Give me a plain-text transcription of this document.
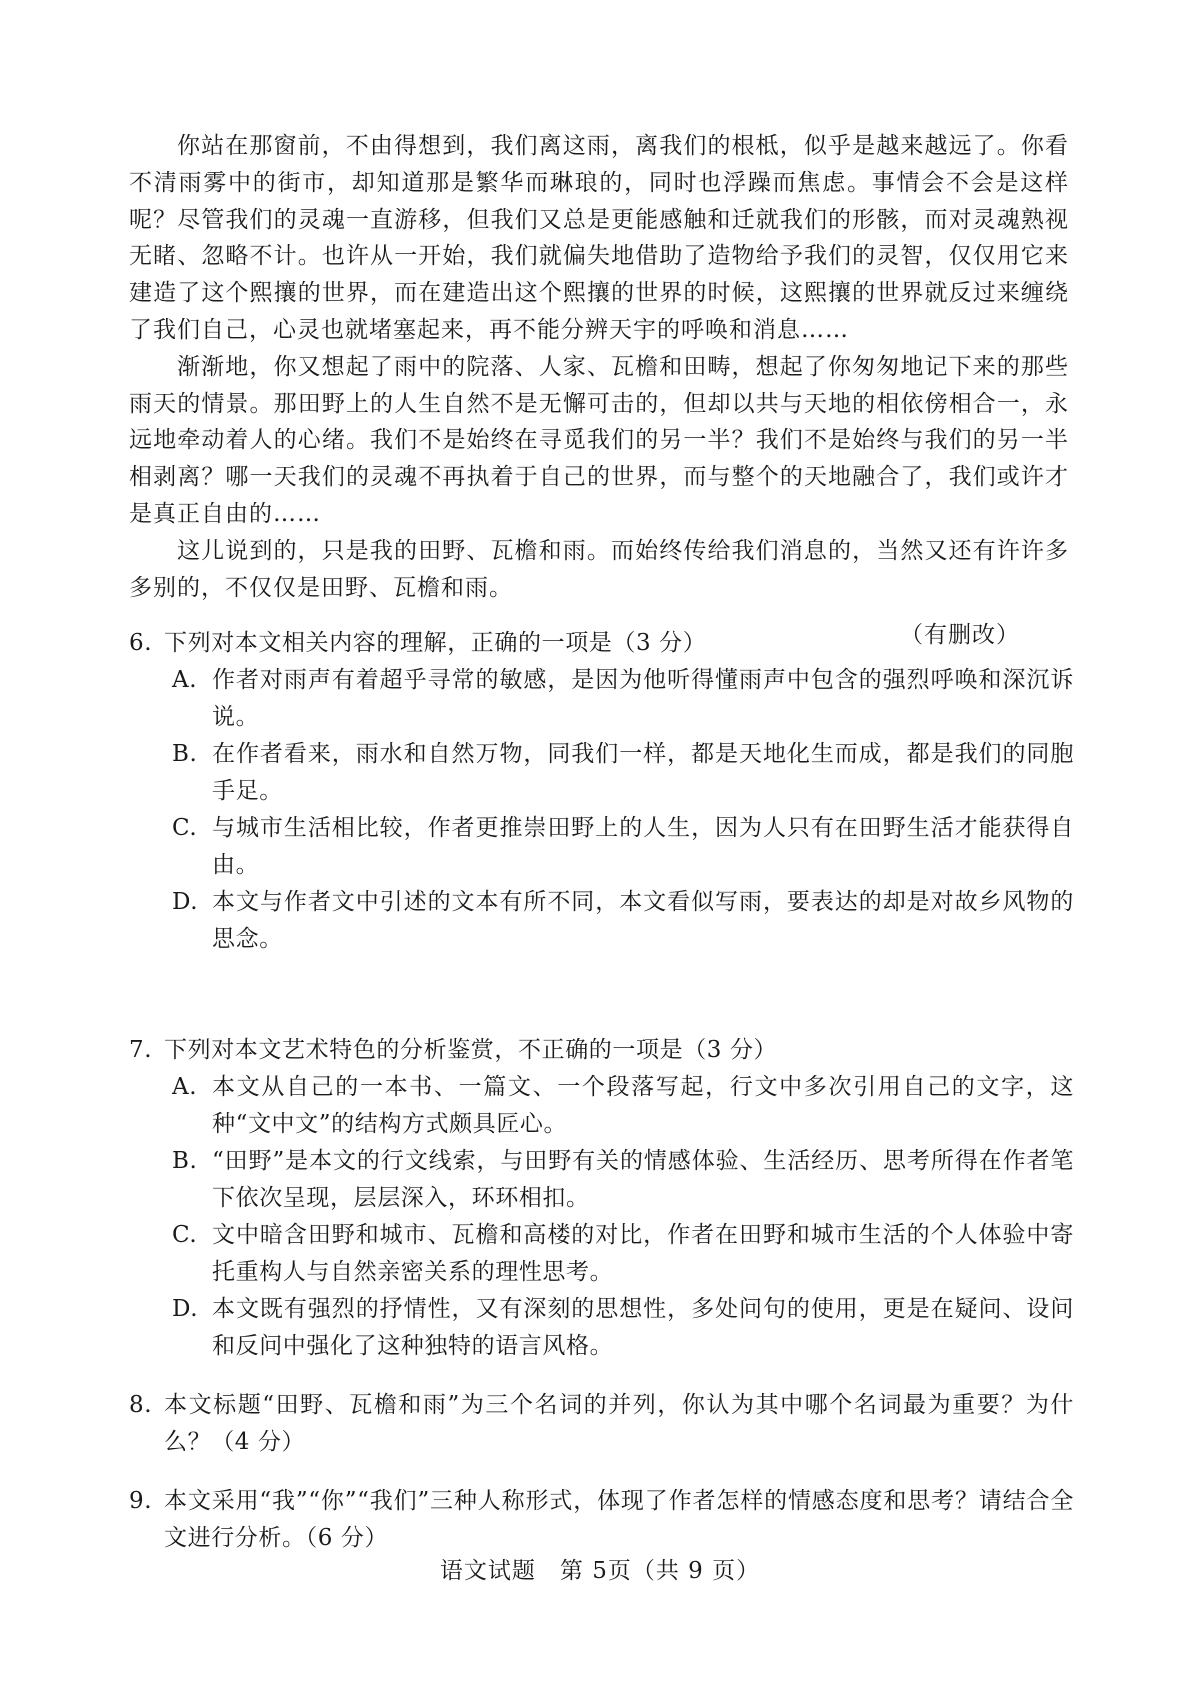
你站在那窗前，不由得想到，我们离这雨，离我们的根柢，似乎是越来越远了。你看不清雨雾中的街市，却知道那是繁华而琳琅的，同时也浮躁而焦虑。事情会不会是这样呢？尽管我们的灵魂一直游移，但我们又总是更能感触和迁就我们的形骸，而对灵魂熟视无睹、忽略不计。也许从一开始，我们就偏失地借助了造物给予我们的灵智，仅仅用它来建造了这个熙攘的世界，而在建造出这个熙攘的世界的时候，这熙攘的世界就反过来缠绕了我们自己，心灵也就堵塞起来，再不能分辨天宇的呼唤和消息……

渐渐地，你又想起了雨中的院落、人家、瓦檐和田畴，想起了你匆匆地记下来的那些雨天的情景。那田野上的人生自然不是无懈可击的，但却以共与天地的相依傍相合一，永远地牵动着人的心绪。我们不是始终在寻觅我们的另一半？我们不是始终与我们的另一半相剥离？哪一天我们的灵魂不再执着于自己的世界，而与整个的天地融合了，我们或许才是真正自由的……

这儿说到的，只是我的田野、瓦檐和雨。而始终传给我们消息的，当然又还有许许多多别的，不仅仅是田野、瓦檐和雨。

（有删改）
6. 下列对本文相关内容的理解，正确的一项是（3 分）
A. 作者对雨声有着超乎寻常的敏感，是因为他听得懂雨声中包含的强烈呼唤和深沉诉说。
B. 在作者看来，雨水和自然万物，同我们一样，都是天地化生而成，都是我们的同胞手足。
C. 与城市生活相比较，作者更推崇田野上的人生，因为人只有在田野生活才能获得自由。
D. 本文与作者文中引述的文本有所不同，本文看似写雨，要表达的却是对故乡风物的思念。
7. 下列对本文艺术特色的分析鉴赏，不正确的一项是（3 分）
A. 本文从自己的一本书、一篇文、一个段落写起，行文中多次引用自己的文字，这种“文中文”的结构方式颇具匠心。
B. “田野”是本文的行文线索，与田野有关的情感体验、生活经历、思考所得在作者笔下依次呈现，层层深入，环环相扣。
C. 文中暗含田野和城市、瓦檐和高楼的对比，作者在田野和城市生活的个人体验中寄托重构人与自然亲密关系的理性思考。
D. 本文既有强烈的抒情性，又有深刻的思想性，多处问句的使用，更是在疑问、设问和反问中强化了这种独特的语言风格。
8. 本文标题“田野、瓦檐和雨”为三个名词的并列，你认为其中哪个名词最为重要？为什么？（4 分）
9. 本文采用“我”“你”“我们”三种人称形式，体现了作者怎样的情感态度和思考？请结合全文进行分析。（6 分）
语文试题　第 5页（共 9 页）
